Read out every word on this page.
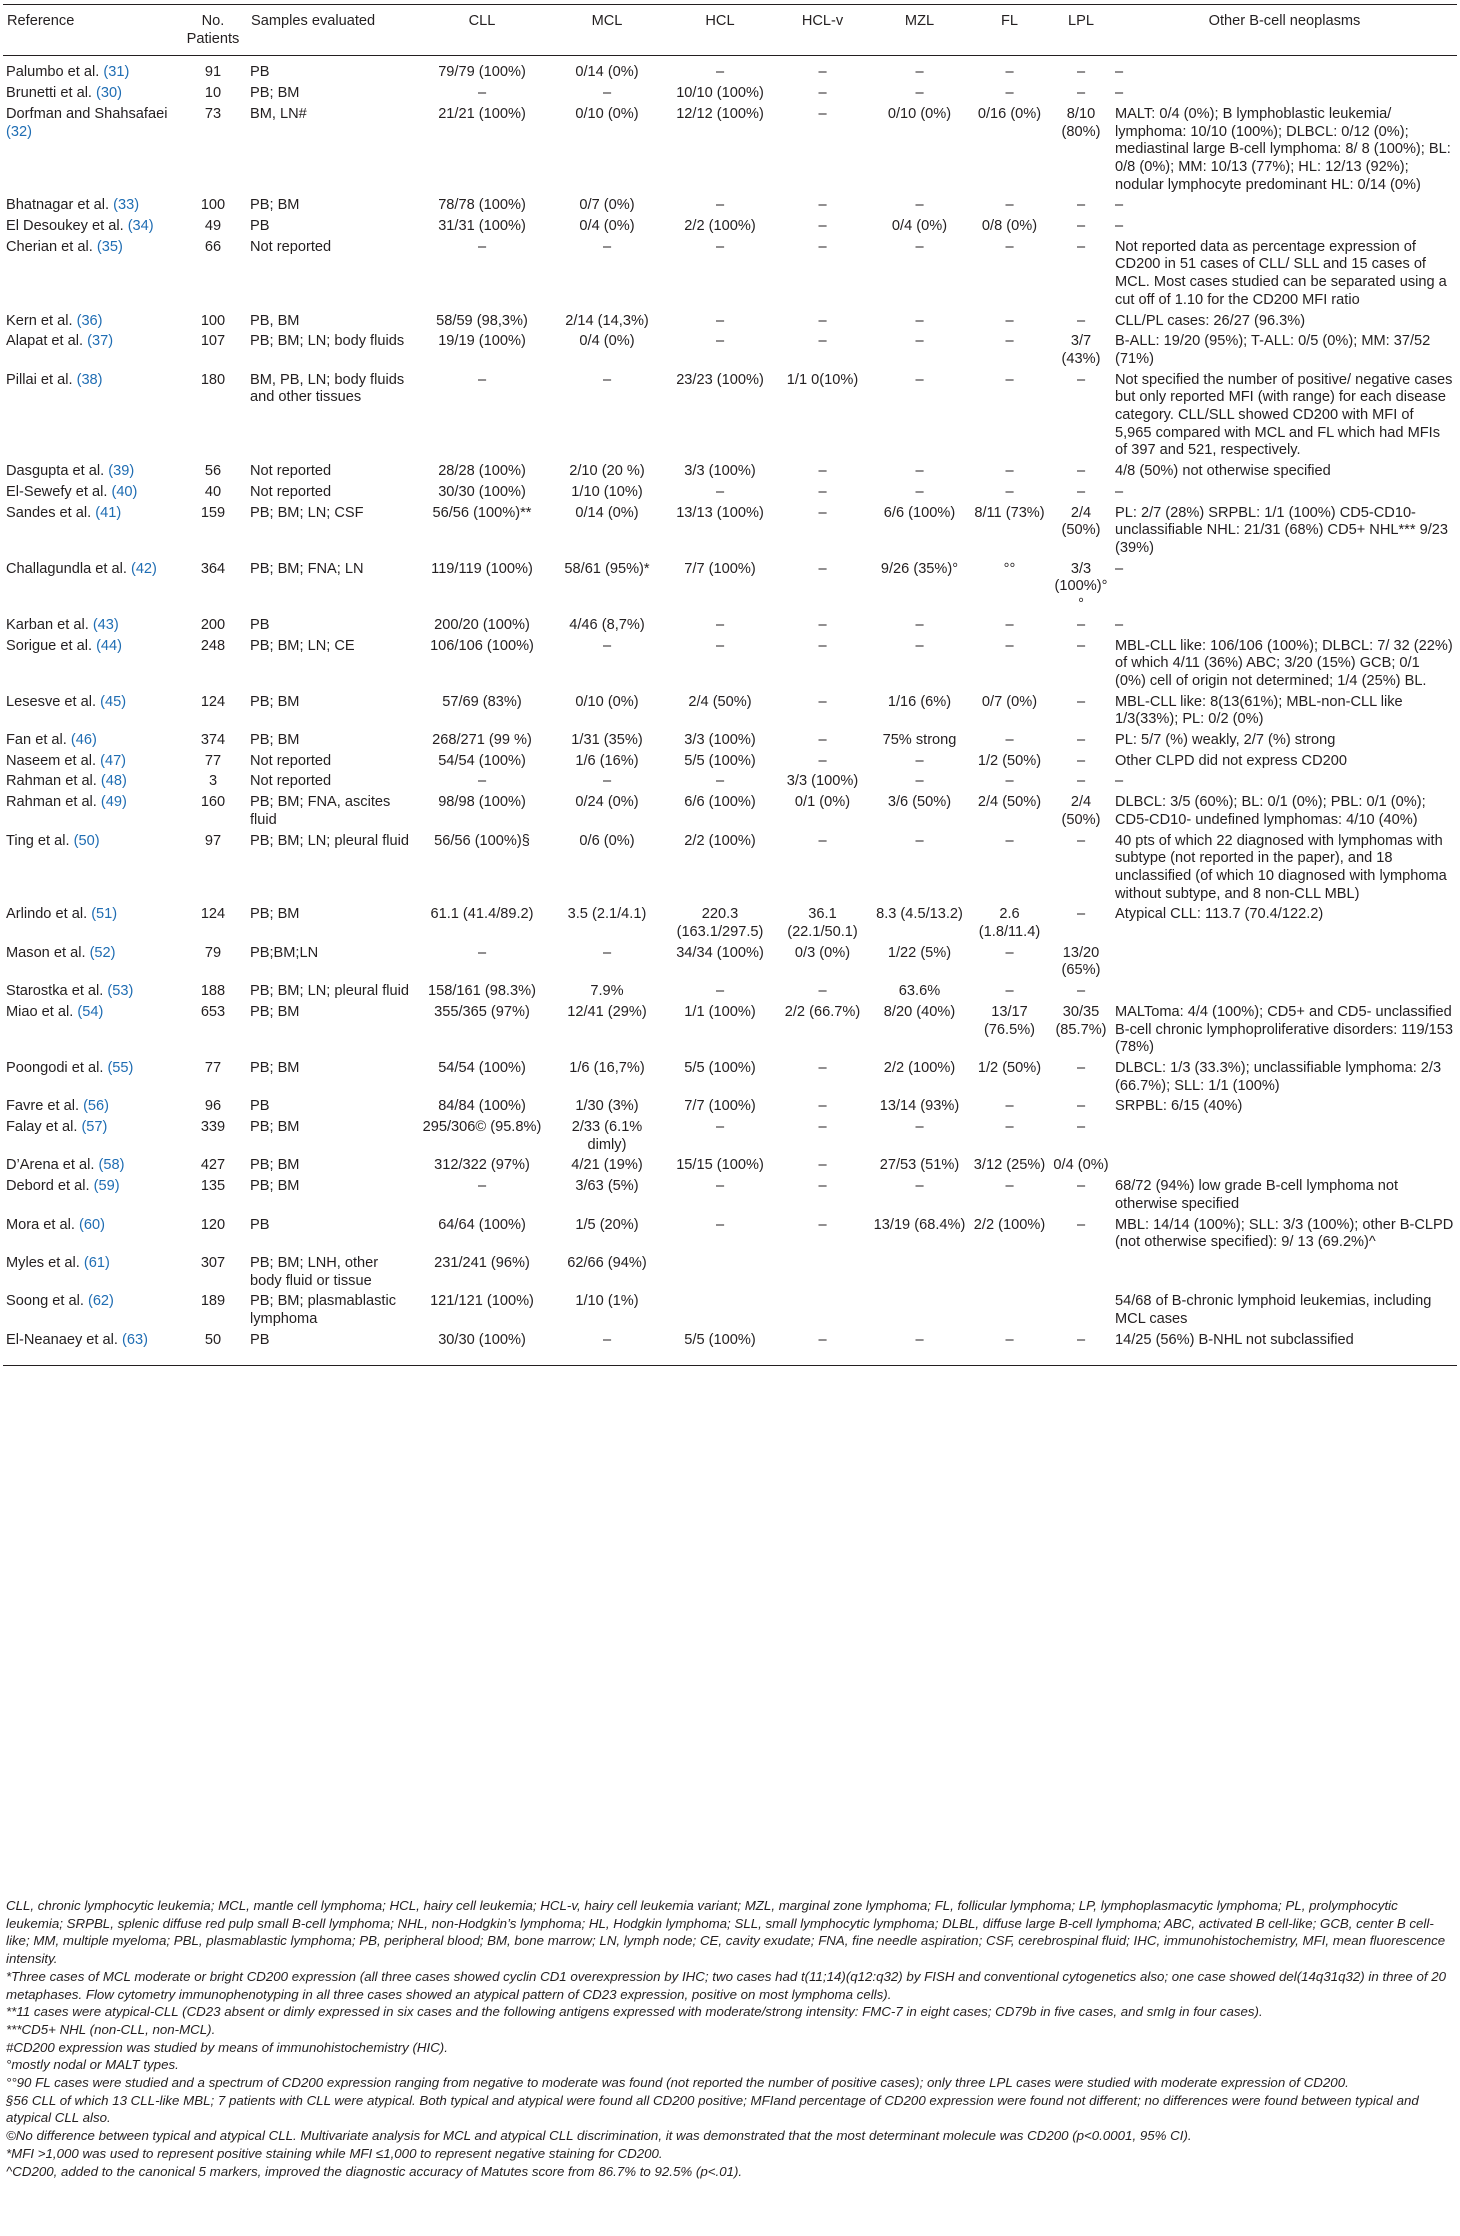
Reference	No. Patients	Samples evaluated	CLL	MCL	HCL	HCL-v	MZL	FL	LPL	Other B-cell neoplasms
Palumbo et al. (31)	91	PB	79/79 (100%)	0/14 (0%)	–	–	–	–	–	–
Brunetti et al. (30)	10	PB; BM	–	–	10/10 (100%)	–	–	–	–	–
Dorfman and Shahsafaei (32)	73	BM, LN#	21/21 (100%)	0/10 (0%)	12/12 (100%)	–	0/10 (0%)	0/16 (0%)	8/10 (80%)	MALT: 0/4 (0%); B lymphoblastic leukemia/ lymphoma: 10/10 (100%); DLBCL: 0/12 (0%); mediastinal large B-cell lymphoma: 8/ 8 (100%); BL: 0/8 (0%); MM: 10/13 (77%); HL: 12/13 (92%); nodular lymphocyte predominant HL: 0/14 (0%)
Bhatnagar et al. (33)	100	PB; BM	78/78 (100%)	0/7 (0%)	–	–	–	–	–	–
El Desoukey et al. (34)	49	PB	31/31 (100%)	0/4 (0%)	2/2 (100%)	–	0/4 (0%)	0/8 (0%)	–	–
Cherian et al. (35)	66	Not reported	–	–	–	–	–	–	–	Not reported data as percentage expression of CD200 in 51 cases of CLL/ SLL and 15 cases of MCL. Most cases studied can be separated using a cut off of 1.10 for the CD200 MFI ratio
Kern et al. (36)	100	PB, BM	58/59 (98,3%)	2/14 (14,3%)	–	–	–	–	–	CLL/PL cases: 26/27 (96.3%)
Alapat et al. (37)	107	PB; BM; LN; body fluids	19/19 (100%)	0/4 (0%)	–	–	–	–	3/7 (43%)	B-ALL: 19/20 (95%); T-ALL: 0/5 (0%); MM: 37/52 (71%)
Pillai et al. (38)	180	BM, PB, LN; body fluids and other tissues	–	–	23/23 (100%)	1/1 0(10%)	–	–	–	Not specified the number of positive/ negative cases but only reported MFI (with range) for each disease category. CLL/SLL showed CD200 with MFI of 5,965 compared with MCL and FL which had MFIs of 397 and 521, respectively.
Dasgupta et al. (39)	56	Not reported	28/28 (100%)	2/10 (20 %)	3/3 (100%)	–	–	–	–	4/8 (50%) not otherwise specified
El-Sewefy et al. (40)	40	Not reported	30/30 (100%)	1/10 (10%)	–	–	–	–	–	–
Sandes et al. (41)	159	PB; BM; LN; CSF	56/56 (100%)**	0/14 (0%)	13/13 (100%)	–	6/6 (100%)	8/11 (73%)	2/4 (50%)	PL: 2/7 (28%) SRPBL: 1/1 (100%) CD5-CD10- unclassifiable NHL: 21/31 (68%) CD5+ NHL*** 9/23 (39%)
Challagundla et al. (42)	364	PB; BM; FNA; LN	119/119 (100%)	58/61 (95%)*	7/7 (100%)	–	9/26 (35%)°	°°	3/3 (100%)°°	–
Karban et al. (43)	200	PB	200/20 (100%)	4/46 (8,7%)	–	–	–	–	–	–
Sorigue et al. (44)	248	PB; BM; LN; CE	106/106 (100%)	–	–	–	–	–	–	MBL-CLL like: 106/106 (100%); DLBCL: 7/ 32 (22%) of which 4/11 (36%) ABC; 3/20 (15%) GCB; 0/1 (0%) cell of origin not determined; 1/4 (25%) BL.
Lesesve et al. (45)	124	PB; BM	57/69 (83%)	0/10 (0%)	2/4 (50%)	–	1/16 (6%)	0/7 (0%)	–	MBL-CLL like: 8(13(61%); MBL-non-CLL like 1/3(33%); PL: 0/2 (0%)
Fan et al. (46)	374	PB; BM	268/271 (99 %)	1/31 (35%)	3/3 (100%)	–	75% strong	–	–	PL: 5/7 (%) weakly, 2/7 (%) strong
Naseem et al. (47)	77	Not reported	54/54 (100%)	1/6 (16%)	5/5 (100%)	–	–	1/2 (50%)	–	Other CLPD did not express CD200
Rahman et al. (48)	3	Not reported	–	–	–	3/3 (100%)	–	–	–	–
Rahman et al. (49)	160	PB; BM; FNA, ascites fluid	98/98 (100%)	0/24 (0%)	6/6 (100%)	0/1 (0%)	3/6 (50%)	2/4 (50%)	2/4 (50%)	DLBCL: 3/5 (60%); BL: 0/1 (0%); PBL: 0/1 (0%); CD5-CD10- undefined lymphomas: 4/10 (40%)
Ting et al. (50)	97	PB; BM; LN; pleural fluid	56/56 (100%)§	0/6 (0%)	2/2 (100%)	–	–	–	–	40 pts of which 22 diagnosed with lymphomas with subtype (not reported in the paper), and 18 unclassified (of which 10 diagnosed with lymphoma without subtype, and 8 non-CLL MBL)
Arlindo et al. (51)	124	PB; BM	61.1 (41.4/89.2)	3.5 (2.1/4.1)	220.3 (163.1/297.5)	36.1 (22.1/50.1)	8.3 (4.5/13.2)	2.6 (1.8/11.4)	–	Atypical CLL: 113.7 (70.4/122.2)
Mason et al. (52)	79	PB;BM;LN	–	–	34/34 (100%)	0/3 (0%)	1/22 (5%)	–	13/20 (65%)	
Starostka et al. (53)	188	PB; BM; LN; pleural fluid	158/161 (98.3%)	7.9%	–	–	63.6%	–	–	
Miao et al. (54)	653	PB; BM	355/365 (97%)	12/41 (29%)	1/1 (100%)	2/2 (66.7%)	8/20 (40%)	13/17 (76.5%)	30/35 (85.7%)	MALToma: 4/4 (100%); CD5+ and CD5- unclassified B-cell chronic lymphoproliferative disorders: 119/153 (78%)
Poongodi et al. (55)	77	PB; BM	54/54 (100%)	1/6 (16,7%)	5/5 (100%)	–	2/2 (100%)	1/2 (50%)	–	DLBCL: 1/3 (33.3%); unclassifiable lymphoma: 2/3 (66.7%); SLL: 1/1 (100%)
Favre et al. (56)	96	PB	84/84 (100%)	1/30 (3%)	7/7 (100%)	–	13/14 (93%)	–	–	SRPBL: 6/15 (40%)
Falay et al. (57)	339	PB; BM	295/306© (95.8%)	2/33 (6.1% dimly)	–	–	–	–	–	
D’Arena et al. (58)	427	PB; BM	312/322 (97%)	4/21 (19%)	15/15 (100%)	–	27/53 (51%)	3/12 (25%)	0/4 (0%)	
Debord et al. (59)	135	PB; BM	–	3/63 (5%)	–	–	–	–	–	68/72 (94%) low grade B-cell lymphoma not otherwise specified
Mora et al. (60)	120	PB	64/64 (100%)	1/5 (20%)	–	–	13/19 (68.4%)	2/2 (100%)	–	MBL: 14/14 (100%); SLL: 3/3 (100%); other B-CLPD (not otherwise specified): 9/ 13 (69.2%)^
Myles et al. (61)	307	PB; BM; LNH, other body fluid or tissue	231/241 (96%)	62/66 (94%)						
Soong et al. (62)	189	PB; BM; plasmablastic lymphoma	121/121 (100%)	1/10 (1%)						54/68 of B-chronic lymphoid leukemias, including MCL cases
El-Neanaey et al. (63)	50	PB	30/30 (100%)	–	5/5 (100%)	–	–	–	–	14/25 (56%) B-NHL not subclassified

CLL, chronic lymphocytic leukemia; MCL, mantle cell lymphoma; HCL, hairy cell leukemia; HCL-v, hairy cell leukemia variant; MZL, marginal zone lymphoma; FL, follicular lymphoma; LP, lymphoplasmacytic lymphoma; PL, prolymphocytic leukemia; SRPBL, splenic diffuse red pulp small B-cell lymphoma; NHL, non-Hodgkin’s lymphoma; HL, Hodgkin lymphoma; SLL, small lymphocytic lymphoma; DLBL, diffuse large B-cell lymphoma; ABC, activated B cell-like; GCB, center B cell-like; MM, multiple myeloma; PBL, plasmablastic lymphoma; PB, peripheral blood; BM, bone marrow; LN, lymph node; CE, cavity exudate; FNA, fine needle aspiration; CSF, cerebrospinal fluid; IHC, immunohistochemistry, MFI, mean fluorescence intensity.

*Three cases of MCL moderate or bright CD200 expression (all three cases showed cyclin CD1 overexpression by IHC; two cases had t(11;14)(q12:q32) by FISH and conventional cytogenetics also; one case showed del(14q31q32) in three of 20 metaphases. Flow cytometry immunophenotyping in all three cases showed an atypical pattern of CD23 expression, positive on most lymphoma cells).

**11 cases were atypical-CLL (CD23 absent or dimly expressed in six cases and the following antigens expressed with moderate/strong intensity: FMC-7 in eight cases; CD79b in five cases, and smIg in four cases).

***CD5+ NHL (non-CLL, non-MCL).

#CD200 expression was studied by means of immunohistochemistry (HIC).

°mostly nodal or MALT types.

°°90 FL cases were studied and a spectrum of CD200 expression ranging from negative to moderate was found (not reported the number of positive cases); only three LPL cases were studied with moderate expression of CD200.

§56 CLL of which 13 CLL-like MBL; 7 patients with CLL were atypical. Both typical and atypical were found all CD200 positive; MFIand percentage of CD200 expression were found not different; no differences were found between typical and atypical CLL also.

©No difference between typical and atypical CLL. Multivariate analysis for MCL and atypical CLL discrimination, it was demonstrated that the most determinant molecule was CD200 (p<0.0001, 95% CI).

*MFI >1,000 was used to represent positive staining while MFI ≤1,000 to represent negative staining for CD200.

^CD200, added to the canonical 5 markers, improved the diagnostic accuracy of Matutes score from 86.7% to 92.5% (p<.01).
